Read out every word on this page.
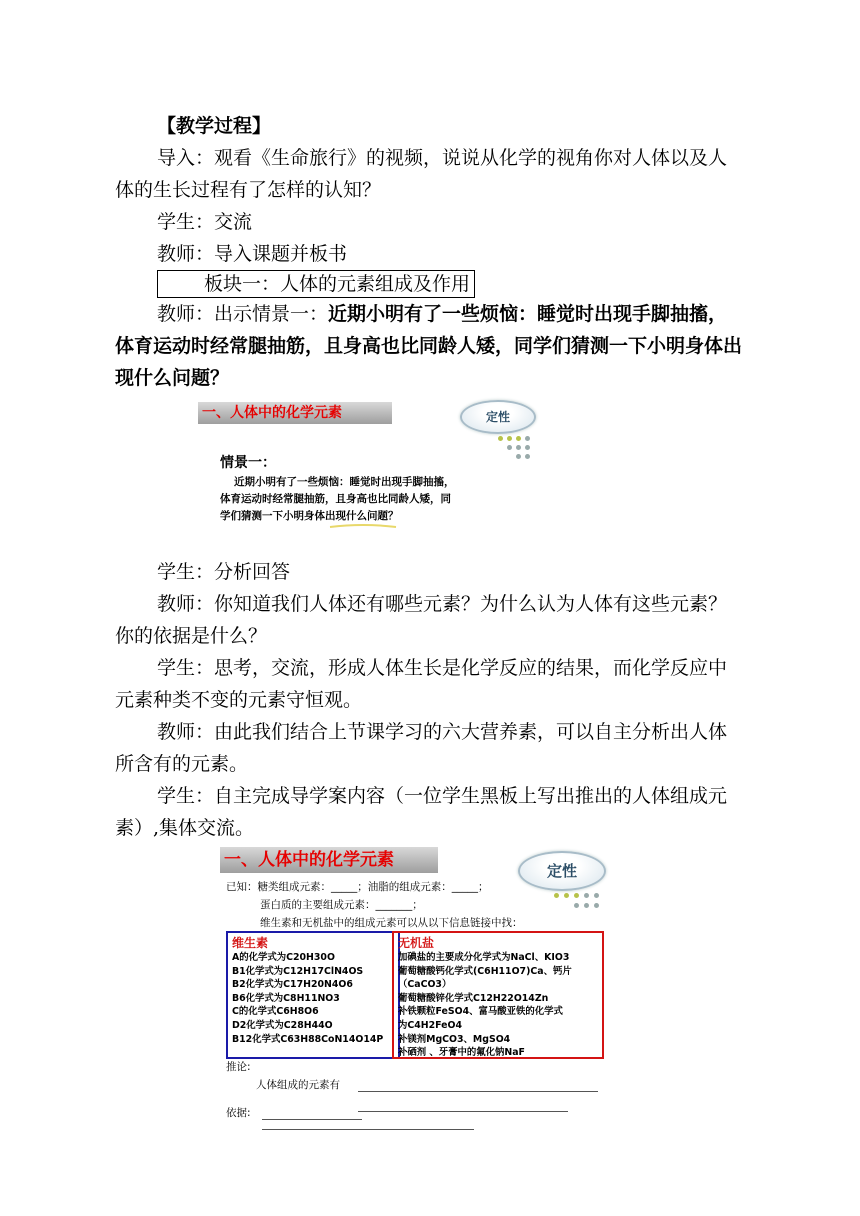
【教学过程】

导入：观看《生命旅行》的视频，说说从化学的视角你对人体以及人体的生长过程有了怎样的认知？

学生：交流

教师：导入课题并板书

板块一：人体的元素组成及作用

教师：出示情景一：近期小明有了一些烦恼：睡觉时出现手脚抽搐，体育运动时经常腿抽筋，且身高也比同龄人矮，同学们猜测一下小明身体出现什么问题？

一、人体中的化学元素	定性
情景一：
近期小明有了一些烦恼：睡觉时出现手脚抽搐，
体育运动时经常腿抽筋，且身高也比同龄人矮，同
学们猜测一下小明身体出现什么问题？

学生：分析回答

教师：你知道我们人体还有哪些元素？为什么认为人体有这些元素？你的依据是什么？

学生：思考，交流，形成人体生长是化学反应的结果，而化学反应中元素种类不变的元素守恒观。

教师：由此我们结合上节课学习的六大营养素，可以自主分析出人体所含有的元素。

学生：自主完成导学案内容（一位学生黑板上写出推出的人体组成元素）,集体交流。

一、人体中的化学元素
定性
已知：糖类组成元素：_____；油脂的组成元素：_____；
蛋白质的主要组成元素：_______；
维生素和无机盐中的组成元素可以从以下信息链接中找：
维生素
A的化学式为C20H30O
B1化学式为C12H17ClN4OS
B2化学式为C17H20N4O6
B6化学式为C8H11NO3
C的化学式C6H8O6
D2化学式为C28H44O
B12化学式C63H88CoN14O14P
无机盐
加碘盐的主要成分化学式为NaCl、KIO3
葡萄糖酸钙化学式(C6H11O7)Ca、钙片
（CaCO3）
葡萄糖酸锌化学式C12H22O14Zn
补铁颗粒FeSO4、富马酸亚铁的化学式
为C4H2FeO4
补镁剂MgCO3、MgSO4
补硒剂 、牙膏中的氟化钠NaF
推论:
人体组成的元素有
依据:
